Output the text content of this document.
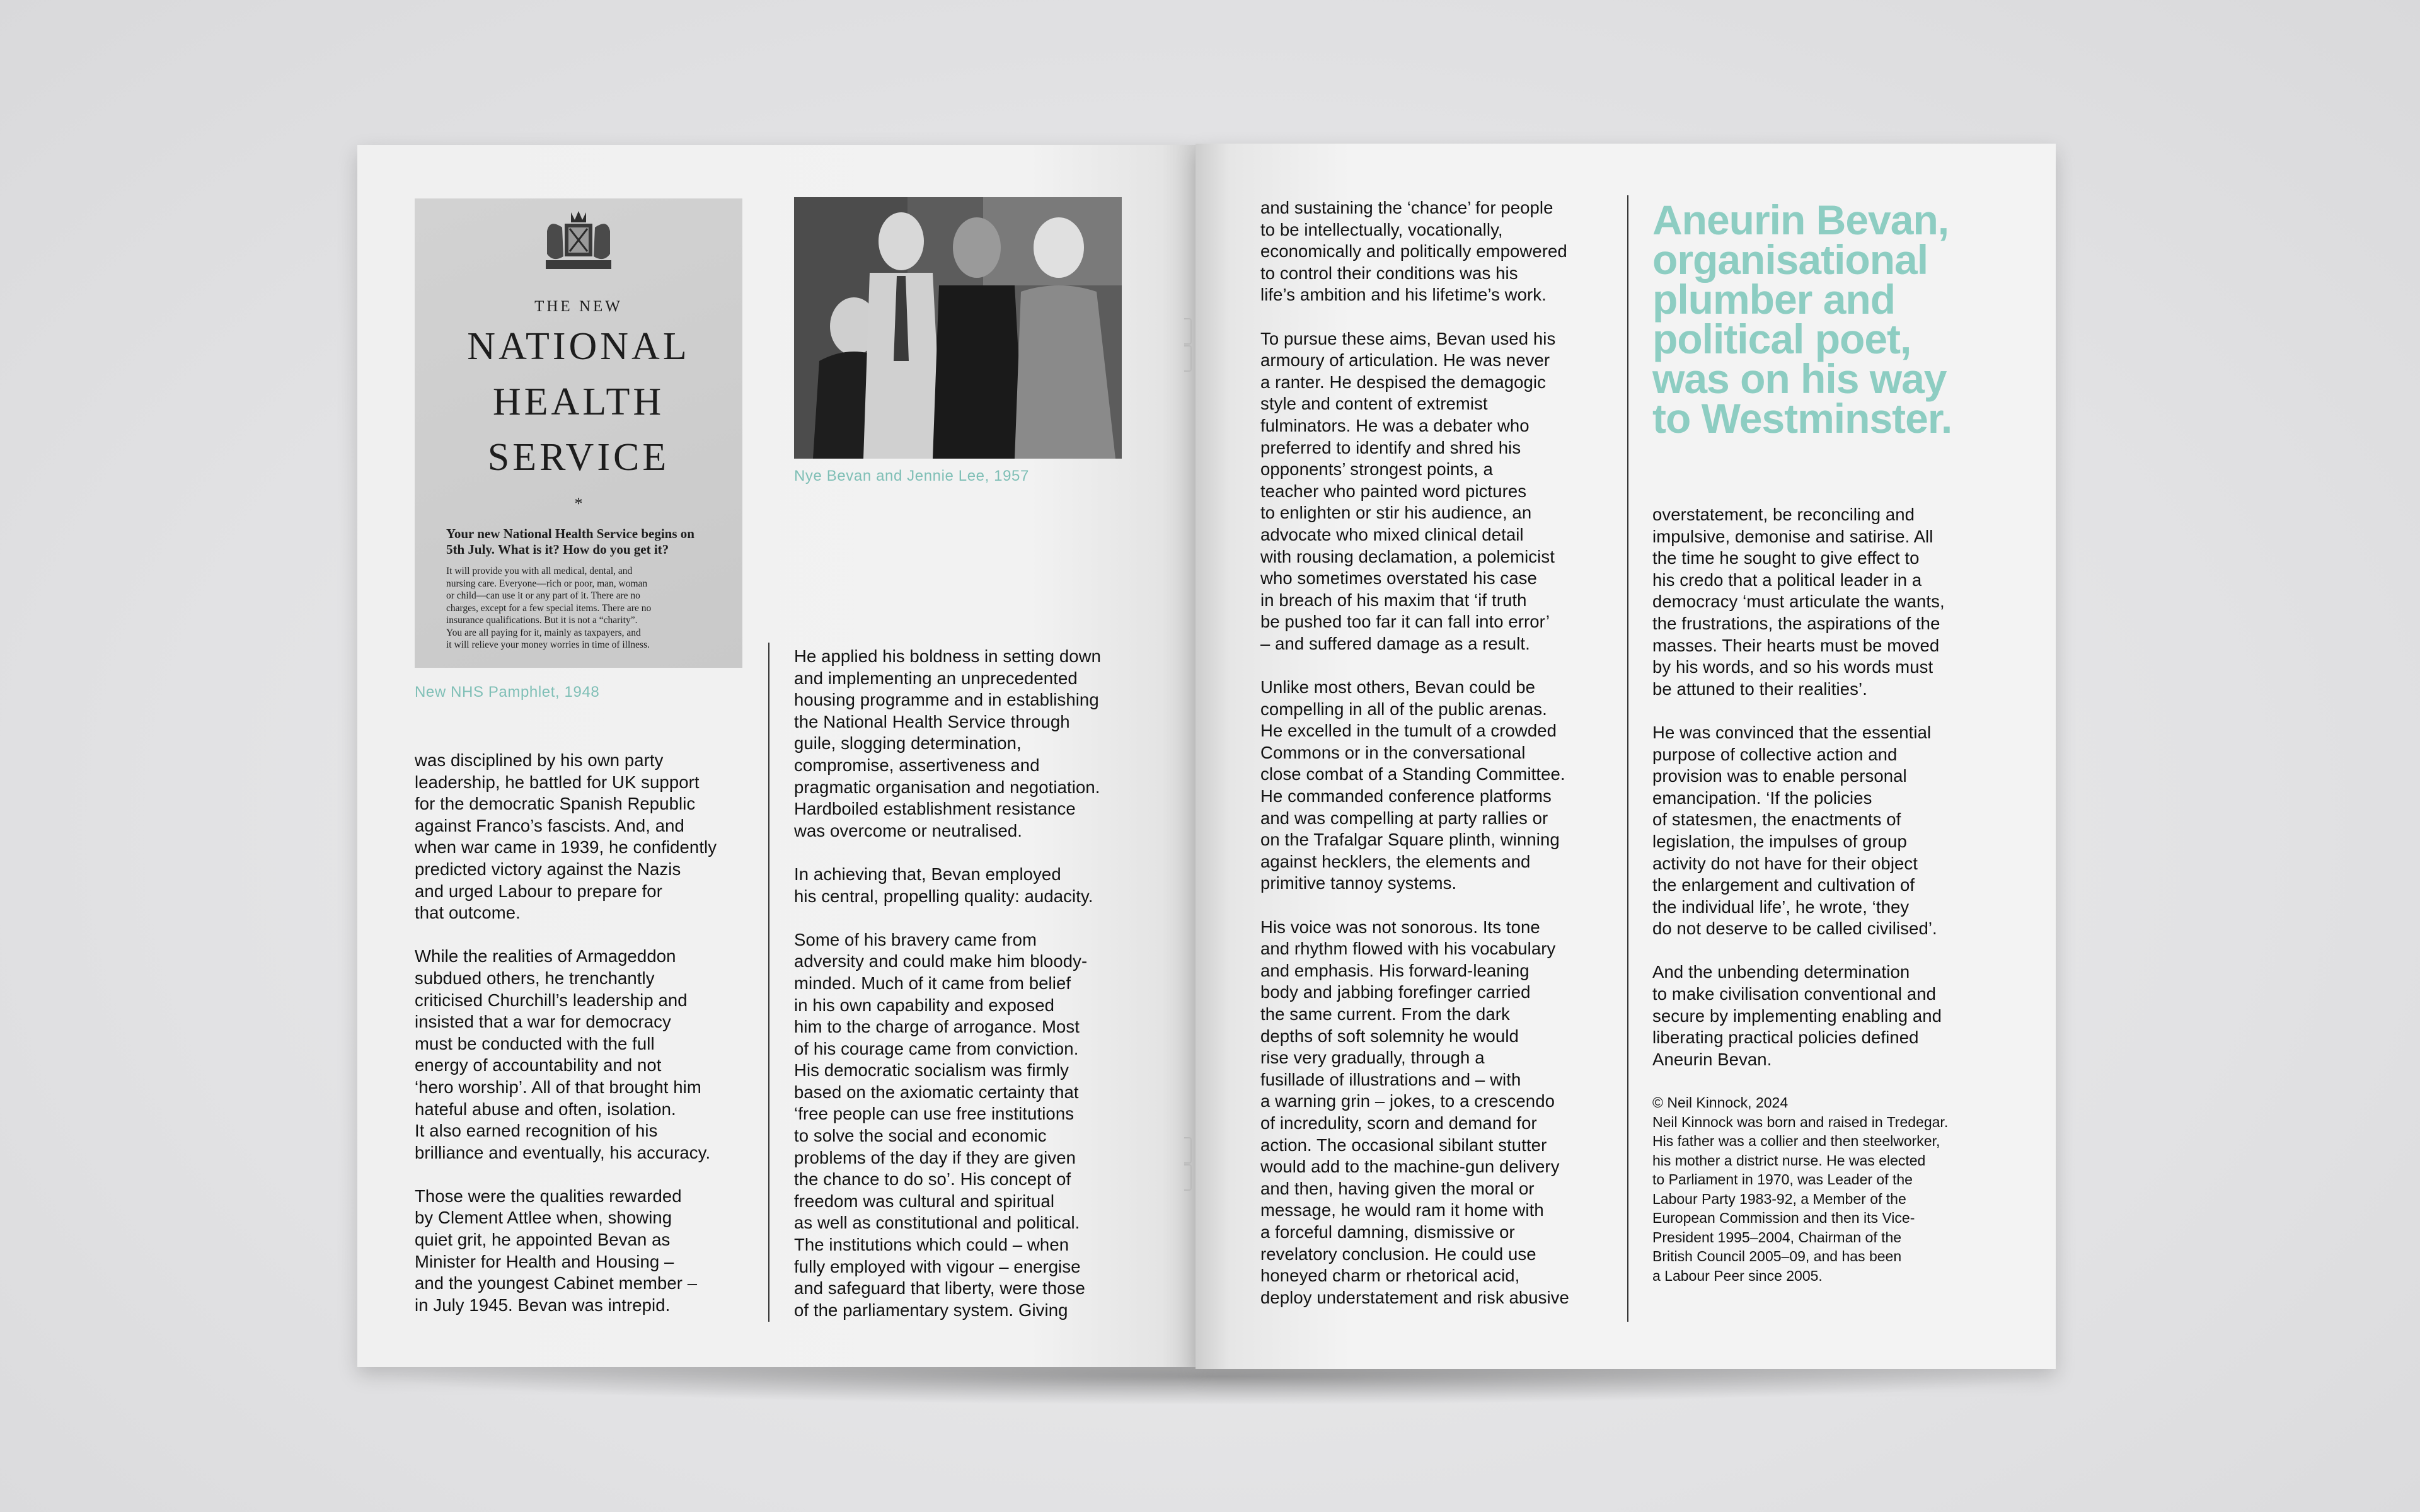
THE NEW
NATIONAL
HEALTH
SERVICE
*
Your new National Health Service begins on
5th July. What is it? How do you get it?
It will provide you with all medical, dental, and
nursing care. Everyone—rich or poor, man, woman
or child—can use it or any part of it. There are no
charges, except for a few special items. There are no
insurance qualifications. But it is not a “charity”.
You are all paying for it, mainly as taxpayers, and
it will relieve your money worries in time of illness.
New NHS Pamphlet, 1948
Nye Bevan and Jennie Lee, 1957

was disciplined by his own party
leadership, he battled for UK support
for the democratic Spanish Republic
against Franco’s fascists. And, and
when war came in 1939, he confidently
predicted victory against the Nazis
and urged Labour to prepare for
that outcome.

While the realities of Armageddon
subdued others, he trenchantly
criticised Churchill’s leadership and
insisted that a war for democracy
must be conducted with the full
energy of accountability and not
‘hero worship’. All of that brought him
hateful abuse and often, isolation.
It also earned recognition of his
brilliance and eventually, his accuracy.

Those were the qualities rewarded
by Clement Attlee when, showing
quiet grit, he appointed Bevan as
Minister for Health and Housing –
and the youngest Cabinet member –
in July 1945. Bevan was intrepid.

He applied his boldness in setting down
and implementing an unprecedented
housing programme and in establishing
the National Health Service through
guile, slogging determination,
compromise, assertiveness and
pragmatic organisation and negotiation.
Hardboiled establishment resistance
was overcome or neutralised.

In achieving that, Bevan employed
his central, propelling quality: audacity.

Some of his bravery came from
adversity and could make him bloody-
minded. Much of it came from belief
in his own capability and exposed
him to the charge of arrogance. Most
of his courage came from conviction.
His democratic socialism was firmly
based on the axiomatic certainty that
‘free people can use free institutions
to solve the social and economic
problems of the day if they are given
the chance to do so’. His concept of
freedom was cultural and spiritual
as well as constitutional and political.
The institutions which could – when
fully employed with vigour – energise
and safeguard that liberty, were those
of the parliamentary system. Giving

and sustaining the ‘chance’ for people
to be intellectually, vocationally,
economically and politically empowered
to control their conditions was his
life’s ambition and his lifetime’s work.

To pursue these aims, Bevan used his
armoury of articulation. He was never
a ranter. He despised the demagogic
style and content of extremist
fulminators. He was a debater who
preferred to identify and shred his
opponents’ strongest points, a
teacher who painted word pictures
to enlighten or stir his audience, an
advocate who mixed clinical detail
with rousing declamation, a polemicist
who sometimes overstated his case
in breach of his maxim that ‘if truth
be pushed too far it can fall into error’
– and suffered damage as a result.

Unlike most others, Bevan could be
compelling in all of the public arenas.
He excelled in the tumult of a crowded
Commons or in the conversational
close combat of a Standing Committee.
He commanded conference platforms
and was compelling at party rallies or
on the Trafalgar Square plinth, winning
against hecklers, the elements and
primitive tannoy systems.

His voice was not sonorous. Its tone
and rhythm flowed with his vocabulary
and emphasis. His forward-leaning
body and jabbing forefinger carried
the same current. From the dark
depths of soft solemnity he would
rise very gradually, through a
fusillade of illustrations and – with
a warning grin – jokes, to a crescendo
of incredulity, scorn and demand for
action. The occasional sibilant stutter
would add to the machine-gun delivery
and then, having given the moral or
message, he would ram it home with
a forceful damning, dismissive or
revelatory conclusion. He could use
honeyed charm or rhetorical acid,
deploy understatement and risk abusive

Aneurin Bevan,
organisational
plumber and
political poet,
was on his way
to Westminster.

overstatement, be reconciling and
impulsive, demonise and satirise. All
the time he sought to give effect to
his credo that a political leader in a
democracy ‘must articulate the wants,
the frustrations, the aspirations of the
masses. Their hearts must be moved
by his words, and so his words must
be attuned to their realities’.

He was convinced that the essential
purpose of collective action and
provision was to enable personal
emancipation. ‘If the policies
of statesmen, the enactments of
legislation, the impulses of group
activity do not have for their object
the enlargement and cultivation of
the individual life’, he wrote, ‘they
do not deserve to be called civilised’.

And the unbending determination
to make civilisation conventional and
secure by implementing enabling and
liberating practical policies defined
Aneurin Bevan.

© Neil Kinnock, 2024
Neil Kinnock was born and raised in Tredegar.
His father was a collier and then steelworker,
his mother a district nurse. He was elected
to Parliament in 1970, was Leader of the
Labour Party 1983-92, a Member of the
European Commission and then its Vice-
President 1995–2004, Chairman of the
British Council 2005–09, and has been
a Labour Peer since 2005.
